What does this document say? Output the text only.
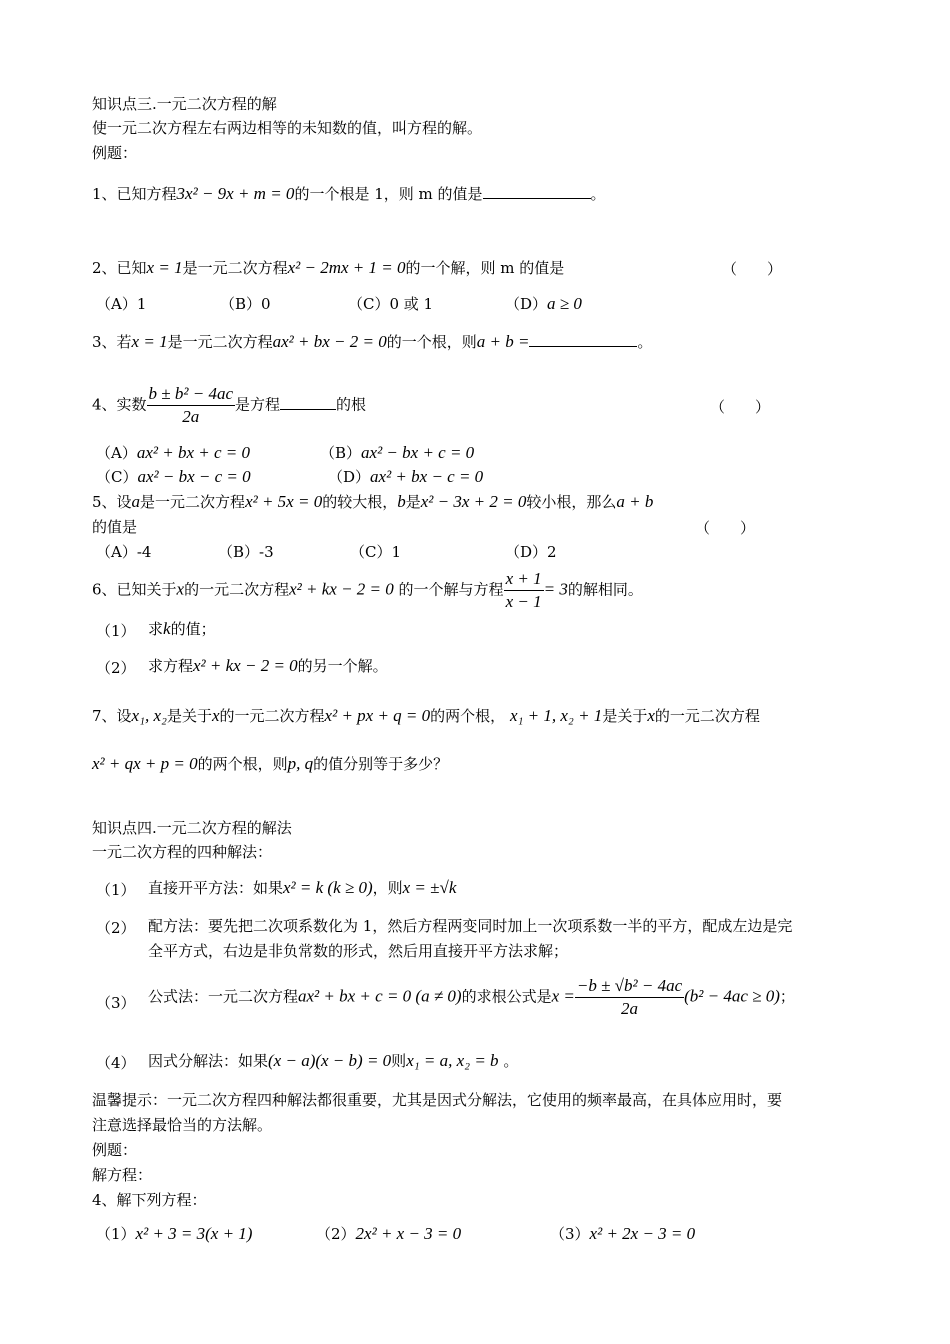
知识点三.一元二次方程的解
使一元二次方程左右两边相等的未知数的值，叫方程的解。
例题：
1、已知方程3x² − 9x + m = 0的一个根是 1，则 m 的值是	。
2、已知x = 1是一元二次方程x² − 2mx + 1 = 0的一个解，则 m 的值是	（　　）
（A）1	（B）0	（C）0 或 1	（D）a ≥ 0
3、若x = 1是一元二次方程ax² + bx − 2 = 0的一个根，则a + b =	。
4、实数 $\frac{\text{b ± b² − 4ac}}{2a}$ 是方程	的根	（　　）
（A）ax² + bx + c = 0	（B）ax² − bx + c = 0
（C）ax² − bx − c = 0	（D）ax² + bx − c = 0
5、设a是一元二次方程x² + 5x = 0的较大根，b是x² − 3x + 2 = 0较小根，那么a + b
的值是	（　　）
（A）-4	（B）-3	（C）1	（D）2
6、已知关于x的一元二次方程x² + kx − 2 = 0 的一个解与方程 $\frac{x + 1}{x - 1} = 3$的解相同。
（1） 求k的值；
（2） 求方程x² + kx − 2 = 0的另一个解。
7、设x₁, x₂是关于x的一元二次方程x² + px + q = 0的两个根， x₁ + 1, x₂ + 1是关于x的一元二次方程
x² + qx + p = 0的两个根，则p, q的值分别等于多少？
知识点四.一元二次方程的解法
一元二次方程的四种解法：
（1） 直接开平方法：如果x² = k (k ≥ 0)，则x = ±√k
（2） 配方法：要先把二次项系数化为 1，然后方程两变同时加上一次项系数一半的平方，配成左边是完
全平方式，右边是非负常数的形式，然后用直接开平方法求解；
（3） 公式法：一元二次方程ax² + bx + c = 0 (a ≠ 0)的求根公式是$x = \frac{\text{−b ± √b² − 4ac}}{2a} (b^2 - 4ac \ge 0)$；
（4） 因式分解法：如果(x − a)(x − b) = 0则x₁ = a, x₂ = b 。
温馨提示：一元二次方程四种解法都很重要，尤其是因式分解法，它使用的频率最高，在具体应用时，要
注意选择最恰当的方法解。
例题：
解方程：
4、解下列方程：
（1）x² + 3 = 3(x + 1)	（2）2x² + x − 3 = 0	（3）x² + 2x − 3 = 0
